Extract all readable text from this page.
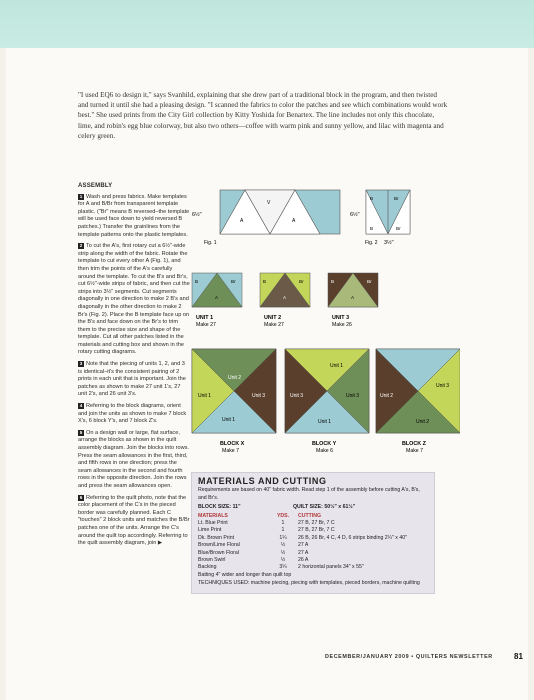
"I used EQ6 to design it," says Svanhild, explaining that she drew part of a traditional block in the program, and then twisted and turned it until she had a pleasing design. "I scanned the fabrics to color the patches and see which combinations would work best." She used prints from the City Girl collection by Kitty Yoshida for Benartex. The line includes not only this chocolate, lime, and robin's egg blue colorway, but also two others—coffee with warm pink and sunny yellow, and lilac with magenta and celery green.

ASSEMBLY

1 Wash and press fabrics. Make templates for A and B/Br from transparent template plastic. ("Br" means B reversed–the template will be used face down to yield reversed B patches.) Transfer the grainlines from the template patterns onto the plastic templates.

2 To cut the A's, first rotary cut a 6½"-wide strip along the width of the fabric. Rotate the template to cut every other A (Fig. 1), and then trim the points of the A's carefully around the template. To cut the B's and Br's, cut 6½"-wide strips of fabric, and then cut the strips into 3½" segments. Cut segments diagonally in one direction to make 2 B's and diagonally in the other direction to make 2 Br's (Fig. 2). Place the B template face up on the B's and face down on the Br's to trim them to the precise size and shape of the template. Cut all other patches listed in the materials and cutting box and shown in the rotary cutting diagrams.

3 Note that the piecing of units 1, 2, and 3 is identical–it's the consistent pairing of 2 prints in each unit that is important. Join the patches as shown to make 27 unit 1's, 27 unit 2's, and 26 unit 3's.

4 Referring to the block diagrams, orient and join the units as shown to make 7 block X's, 6 block Y's, and 7 block Z's.

5 On a design wall or large, flat surface, arrange the blocks as shown in the quilt assembly diagram. Join the blocks into rows. Press the seam allowances in the first, third, and fifth rows in one direction; press the seam allowances in the second and fourth rows in the opposite direction. Join the rows and press the seam allowances open.

6 Referring to the quilt photo, note that the color placement of the C's in the pieced border was carefully planned. Each C "touches" 2 block units and matches the B/Br patches one of the units. Arrange the C's around the quilt top accordingly. Referring to the quilt assembly diagram, join ▶

A
V
A
6½"
Fig. 1
B	Br
B	Br
6½"
3½"
Fig. 2
B	Br
A
UNIT 1
Make 27
B	Br
A
UNIT 2
Make 27
B	Br
A
UNIT 3
Make 26
Unit 2
Unit 1	Unit 3
Unit 1
BLOCK X
Make 7
Unit 1
Unit 3	Unit 3
Unit 1
BLOCK Y
Make 6
Unit 2
Unit 3
Unit 2
BLOCK Z
Make 7
MATERIALS AND CUTTING

Requirements are based on 40" fabric width. Read step 1 of the assembly before cutting A's, B's, and Br's.

BLOCK SIZE: 11"	QUILT SIZE: 50½" x 61½"
MATERIALS	YDS.	CUTTING
Lt. Blue Print	1	27 B, 27 Br, 7 C
Lime Print	1	27 B, 27 Br, 7 C
Dk. Brown Print	1¼	26 B, 26 Br, 4 C, 4 D, 6 strips binding 2¼" x 40"
Brown/Lime Floral	½	27 A
Blue/Brown Floral	½	27 A
Brown Swirl	½	26 A
Backing	3¼	2 horizontal panels 34" x 55"
Batting 4" wider and longer than quilt top
TECHNIQUES USED: machine piecing, piecing with templates, pieced borders, machine quilting
DECEMBER/JANUARY 2009 • QUILTERS NEWSLETTER	81
